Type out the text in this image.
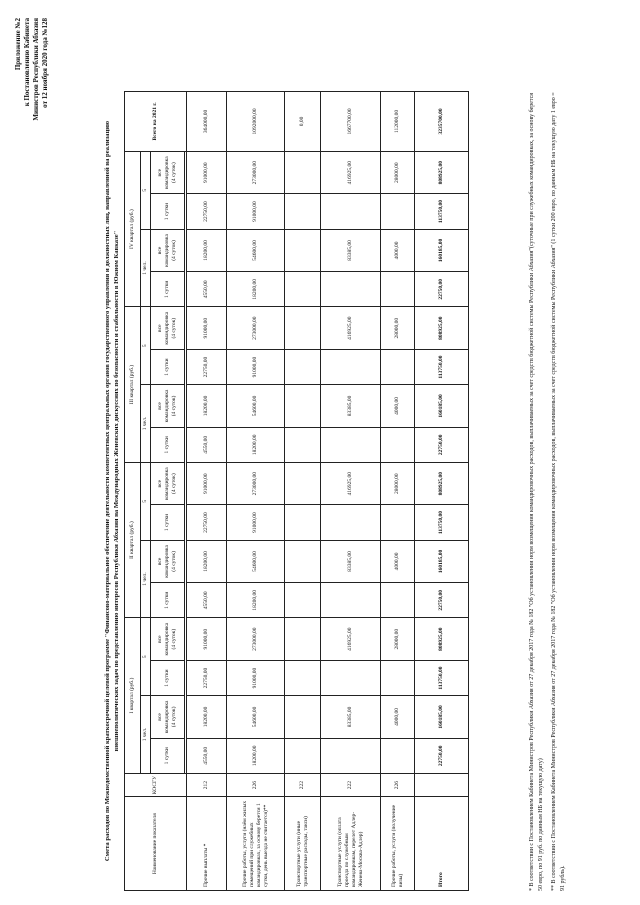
Приложение №2 к Постановлению Кабинета Министров Республики Абхазия от 12 ноября 2020 года №128
Смета расходов по Межведомственной краткосрочной целевой программе "Финансово-материальное обеспечение деятельности компетентных центральных органов государственного управления и должностных лиц, направленной на реализацию внешнеполитических задач по представлению интересов Республики Абхазия на Международных Женевских дискуссиях по безопасности и стабильности в Южном Кавказе"
Наименование показателя	КОСГУ	I квартал (руб.)				II квартал (руб.)				III квартал (руб.)				IV квартал (руб.)				Всего на 2021 г.
		1 чел.		5		1 чел.		5		1 чел.		5		1 чел.		5		
		1 сутки	все командировка (4 суток)	1 сутки	все командировка (4 суток)	1 сутки	все командировка (4 суток)	1 сутки	все командировка (4 суток)	1 сутки	все командировка (4 суток)	1 сутки	все командировка (4 суток)	1 сутки	все командировка (4 суток)	1 сутки	все командировка (4 суток)	

Прочие выплаты *	212	4550,00	18200,00	22750,00	91000,00	4550,00	18200,00	22750,00	91000,00	4550,00	18200,00	22750,00	91000,00	4550,00	18200,00	22750,00	91000,00	364000,00
Прочие работы, услуги (наём жилых помещений при служебных командировках, за основу берется 1 сутки, день выезда не считается)**	226	18200,00	54600,00	91000,00	273000,00	18200,00	54600,00	91000,00	273000,00	18200,00	54600,00	91000,00	273000,00	18200,00	54600,00	91000,00	273000,00	1092000,00
Транспортные услуги (иные транспортные расходы, такси)	222																	0,00
Транспортные услуги (оплата проезда по служебным командировкам, перелет Адлер-Женева-Москва-Адлер)	222		83385,00		416925,00		83385,00		416925,00		83385,00		416925,00		83385,00		416925,00	1667700,00
Прочие работы, услуги (получение визы)	226		4000,00		28000,00		4000,00		28000,00		4000,00		28000,00		4000,00		28000,00	112000,00
Итого		22750,00	160185,00	113750,00	808925,00	22750,00	160185,00	113750,00	808925,00	22750,00	160185,00	113750,00	808925,00	22750,00	160185,00	113750,00	808925,00	3235700,00	* В соответствии с Постановлением Кабинета Министров Республики Абхазия от 27 декабря 2017 года № 182 "Об установлении норм возмещения командировочных расходов, выплачиваемых за счет средств бюджетной системы Республики Абхазия"(суточные при служебных командировках, за основу берется 50 евро, по 91 руб. по данным НБ на текущую дату) ** В соответствии с Постановлением Кабинета Министров Республики Абхазия от 27 декабря 2017 года № 182 "Об установлении норм возмещения командировочных расходов, выплачиваемых за счет средств бюджетной системы Республики Абхазия" (1 сутки 200 евро, по данным НБ на текущую дату 1 евро = 91 рубль).
